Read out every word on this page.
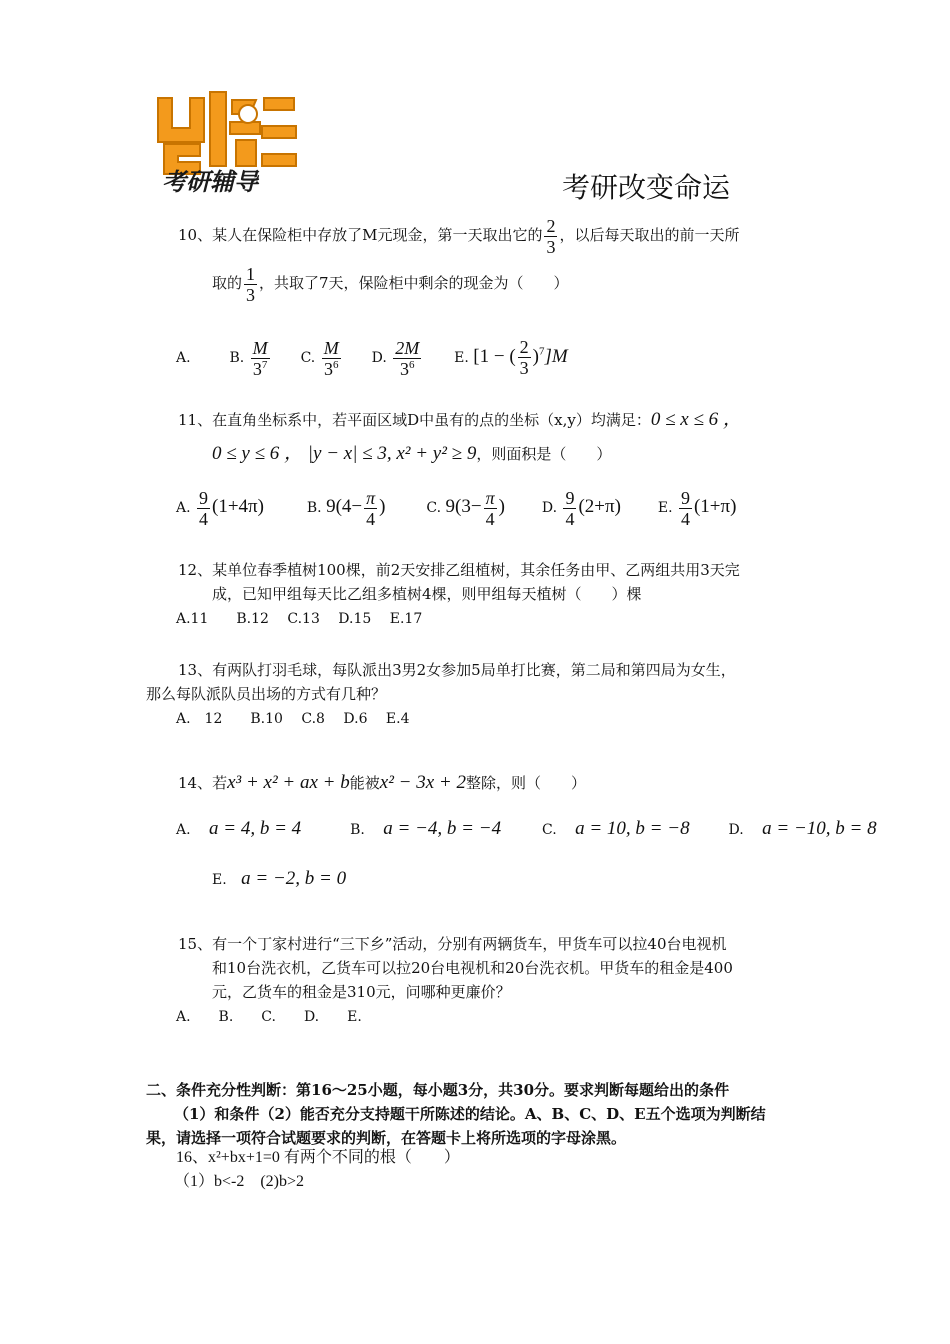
考研辅导	考研改变命运
10、某人在保险柜中存放了M元现金，第一天取出它的 $\frac{2}{3}$ ，以后每天取出的前一天所
取的 $\frac{1}{3}$ ，共取了7天，保险柜中剩余的现金为（　　）
A.	B. $\frac{M}{3^7} C$. $\frac{M}{3^6} D$. $\frac{2M}{3^6} E$. [1 − ( $\frac{2}{3} )^7]M$
11、在直角坐标系中，若平面区域D中虽有的点的坐标（x,y）均满足：0 ≤ x ≤ 6 ，
0 ≤ y ≤ 6 ， |y − x| ≤ 3, x² + y² ≥ 9，则面积是（　　）
A. $\frac{9}{4} (1+4\pi)$	B. $9(4- \frac{\pi}{4}$ )	C. $9(3- \frac{\pi}{4}$ )	D. $\frac{9}{4} (2+\pi)$	E. $\frac{9}{4} (1+\pi)$
12、某单位春季植树100棵，前2天安排乙组植树，其余任务由甲、乙两组共用3天完
成，已知甲组每天比乙组多植树4棵，则甲组每天植树（　　）棵
A.11　　B.12　 C.13　 D.15　 E.17
13、有两队打羽毛球，每队派出3男2女参加5局单打比赛，第二局和第四局为女生，
那么每队派队员出场的方式有几种？
A.　12　　B.10　 C.8　 D.6　 E.4
14、若x³ + x² + ax + b能被x² − 3x + 2整除，则（　　）
A. a = 4, b = 4	B. a = −4, b = −4	C. a = 10, b = −8	D. a = −10, b = 8
E. a = −2, b = 0
15、有一个丁家村进行“三下乡”活动，分别有两辆货车，甲货车可以拉40台电视机
和10台洗衣机，乙货车可以拉20台电视机和20台洗衣机。甲货车的租金是400
元，乙货车的租金是310元，问哪种更廉价？
A.　　B.　　C.　　D.　　E.
二、条件充分性判断：第16～25小题，每小题3分，共30分。要求判断每题给出的条件
（1）和条件（2）能否充分支持题干所陈述的结论。A、B、C、D、E五个选项为判断结
果，请选择一项符合试题要求的判断，在答题卡上将所选项的字母涂黑。
16、x²+bx+1=0 有两个不同的根（　　）
（1）b<-2　(2)b>2
